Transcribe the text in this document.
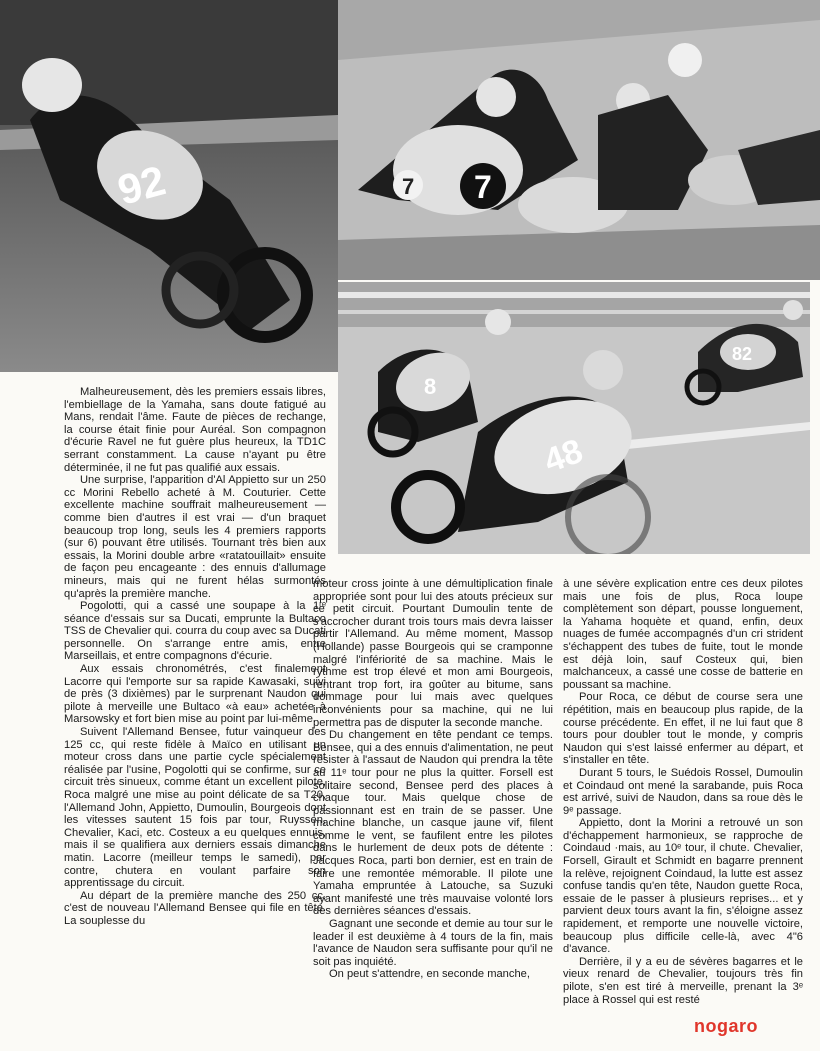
92	7
7
48
8
82

Malheureusement, dès les premiers essais libres, l'embiellage de la Yamaha, sans doute fatigué au Mans, rendait l'âme. Faute de pièces de rechange, la course était finie pour Auréal. Son compagnon d'écurie Ravel ne fut guère plus heureux, la TD1C serrant constamment. La cause n'ayant pu être déterminée, il ne fut pas qualifié aux essais.

Une surprise, l'apparition d'Al Appietto sur un 250 cc Morini Rebello acheté à M. Couturier. Cette excellente machine souffrait malheureusement — comme bien d'autres il est vrai — d'un braquet beaucoup trop long, seuls les 4 premiers rapports (sur 6) pouvant être utilisés. Tournant très bien aux essais, la Morini double arbre «ratatouillait» ensuite de façon peu encageante : des ennuis d'allumage mineurs, mais qui ne furent hélas surmontés qu'après la première manche.

Pogolotti, qui a cassé une soupape à la 1ʳᵉ séance d'essais sur sa Ducati, emprunte la Bultaco TSS de Chevalier qui. courra du coup avec sa Ducati personnelle. On s'arrange entre amis, entre Marseillais, et entre compagnons d'écurie.

Aux essais chronométrés, c'est finalement Lacorre qui l'emporte sur sa rapide Kawasaki, suivi de près (3 dixièmes) par le surprenant Naudon qui pilote à merveille une Bultaco «à eau» achetée à Marsowsky et fort bien mise au point par lui-même.

Suivent l'Allemand Bensee, futur vainqueur des 125 cc, qui reste fidèle à Maïco en utilisant un moteur cross dans une partie cycle spécialement réalisée par l'usine, Pogolotti qui se confirme, sur ce circuit très sinueux, comme étant un excellent pilote, Roca malgré une mise au point délicate de sa T20, l'Allemand John, Appietto, Dumoulin, Bourgeois dont les vitesses sautent 15 fois par tour, Ruyssen, Chevalier, Kaci, etc. Costeux a eu quelques ennuis, mais il se qualifiera aux derniers essais dimanche matin. Lacorre (meilleur temps le samedi), par contre, chutera en voulant parfaire son apprentissage du circuit.

Au départ de la première manche des 250 cc, c'est de nouveau l'Allemand Bensee qui file en tête. La souplesse du

moteur cross jointe à une démultiplication finale appropriée sont pour lui des atouts précieux sur ce petit circuit. Pourtant Dumoulin tente de s'accrocher durant trois tours mais devra laisser partir l'Allemand. Au même moment, Massop (Hollande) passe Bourgeois qui se cramponne malgré l'infériorité de sa machine. Mais le rythme est trop élevé et mon ami Bourgeois, rentrant trop fort, ira goûter au bitume, sans dommage pour lui mais avec quelques inconvénients pour sa machine, qui ne lui permettra pas de disputer la seconde manche.

Du changement en tête pendant ce temps. Bensee, qui a des ennuis d'alimentation, ne peut résister à l'assaut de Naudon qui prendra la tête au 11ᵉ tour pour ne plus la quitter. Forsell est solitaire second, Bensee perd des places à chaque tour. Mais quelque chose de passionnant est en train de se passer. Une machine blanche, un casque jaune vif, filent comme le vent, se faufilent entre les pilotes dans le hurlement de deux pots de détente : Jacques Roca, parti bon dernier, est en train de faire une remontée mémorable. Il pilote une Yamaha empruntée à Latouche, sa Suzuki ayant manifesté une très mauvaise volonté lors des dernières séances d'essais.

Gagnant une seconde et demie au tour sur le leader il est deuxième à 4 tours de la fin, mais l'avance de Naudon sera suffisante pour qu'il ne soit pas inquiété.

On peut s'attendre, en seconde manche,

à une sévère explication entre ces deux pilotes mais une fois de plus, Roca loupe complètement son départ, pousse longuement, la Yahama hoquète et quand, enfin, deux nuages de fumée accompagnés d'un cri strident s'échappent des tubes de fuite, tout le monde est déjà loin, sauf Costeux qui, bien malchanceux, a cassé une cosse de batterie en poussant sa machine.

Pour Roca, ce début de course sera une répétition, mais en beaucoup plus rapide, de la course précédente. En effet, il ne lui faut que 8 tours pour doubler tout le monde, y compris Naudon qui s'est laissé enfermer au départ, et s'installer en tête.

Durant 5 tours, le Suédois Rossel, Dumoulin et Coindaud ont mené la sarabande, puis Roca est arrivé, suivi de Naudon, dans sa roue dès le 9ᵉ passage.

Appietto, dont la Morini a retrouvé un son d'échappement harmonieux, se rapproche de Coindaud ·mais, au 10ᵉ tour, il chute. Chevalier, Forsell, Girault et Schmidt en bagarre prennent la relève, rejoignent Coindaud, la lutte est assez confuse tandis qu'en tête, Naudon guette Roca, essaie de le passer à plusieurs reprises... et y parvient deux tours avant la fin, s'éloigne assez rapidement, et remporte une nouvelle victoire, beaucoup plus difficile celle-là, avec 4"6 d'avance.

Derrière, il y a eu de sévères bagarres et le vieux renard de Chevalier, toujours très fin pilote, s'en est tiré à merveille, prenant la 3ᵉ place à Rossel qui est resté

nogaro
